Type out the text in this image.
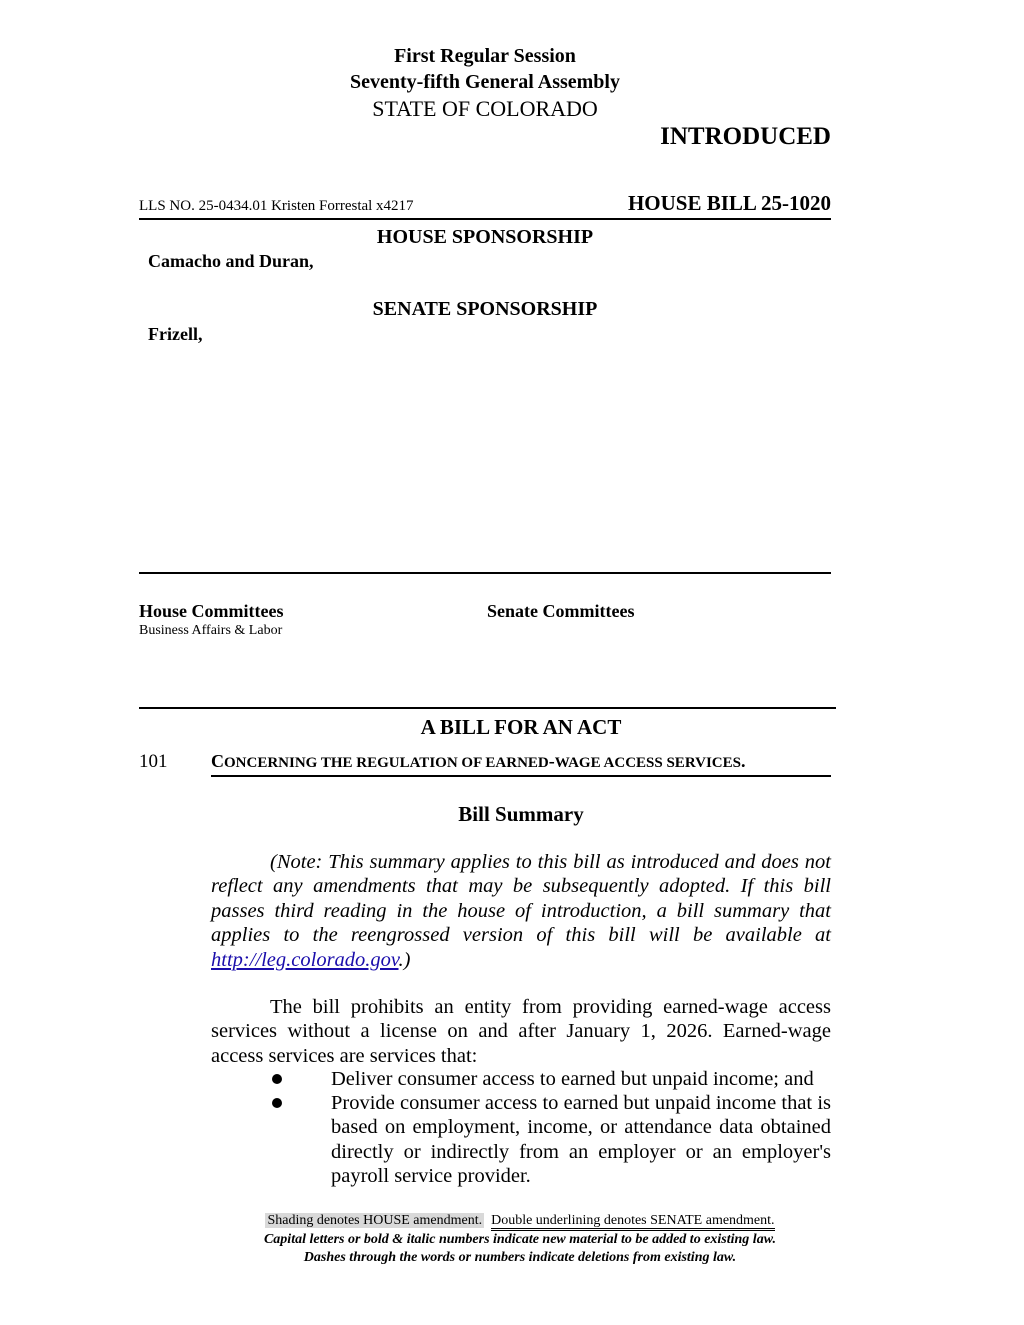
First Regular Session
Seventy-fifth General Assembly
STATE OF COLORADO
INTRODUCED
LLS NO. 25-0434.01 Kristen Forrestal x4217	HOUSE BILL 25-1020
HOUSE SPONSORSHIP
Camacho and Duran,
SENATE SPONSORSHIP
Frizell,
House Committees
Business Affairs & Labor
Senate Committees
A BILL FOR AN ACT
101 CONCERNING THE REGULATION OF EARNED-WAGE ACCESS SERVICES.
Bill Summary
(Note: This summary applies to this bill as introduced and does not reflect any amendments that may be subsequently adopted. If this bill passes third reading in the house of introduction, a bill summary that applies to the reengrossed version of this bill will be available at http://leg.colorado.gov.)
The bill prohibits an entity from providing earned-wage access services without a license on and after January 1, 2026. Earned-wage access services are services that:
Deliver consumer access to earned but unpaid income; and
Provide consumer access to earned but unpaid income that is based on employment, income, or attendance data obtained directly or indirectly from an employer or an employer's payroll service provider.
Shading denotes HOUSE amendment. Double underlining denotes SENATE amendment.
Capital letters or bold & italic numbers indicate new material to be added to existing law.
Dashes through the words or numbers indicate deletions from existing law.
